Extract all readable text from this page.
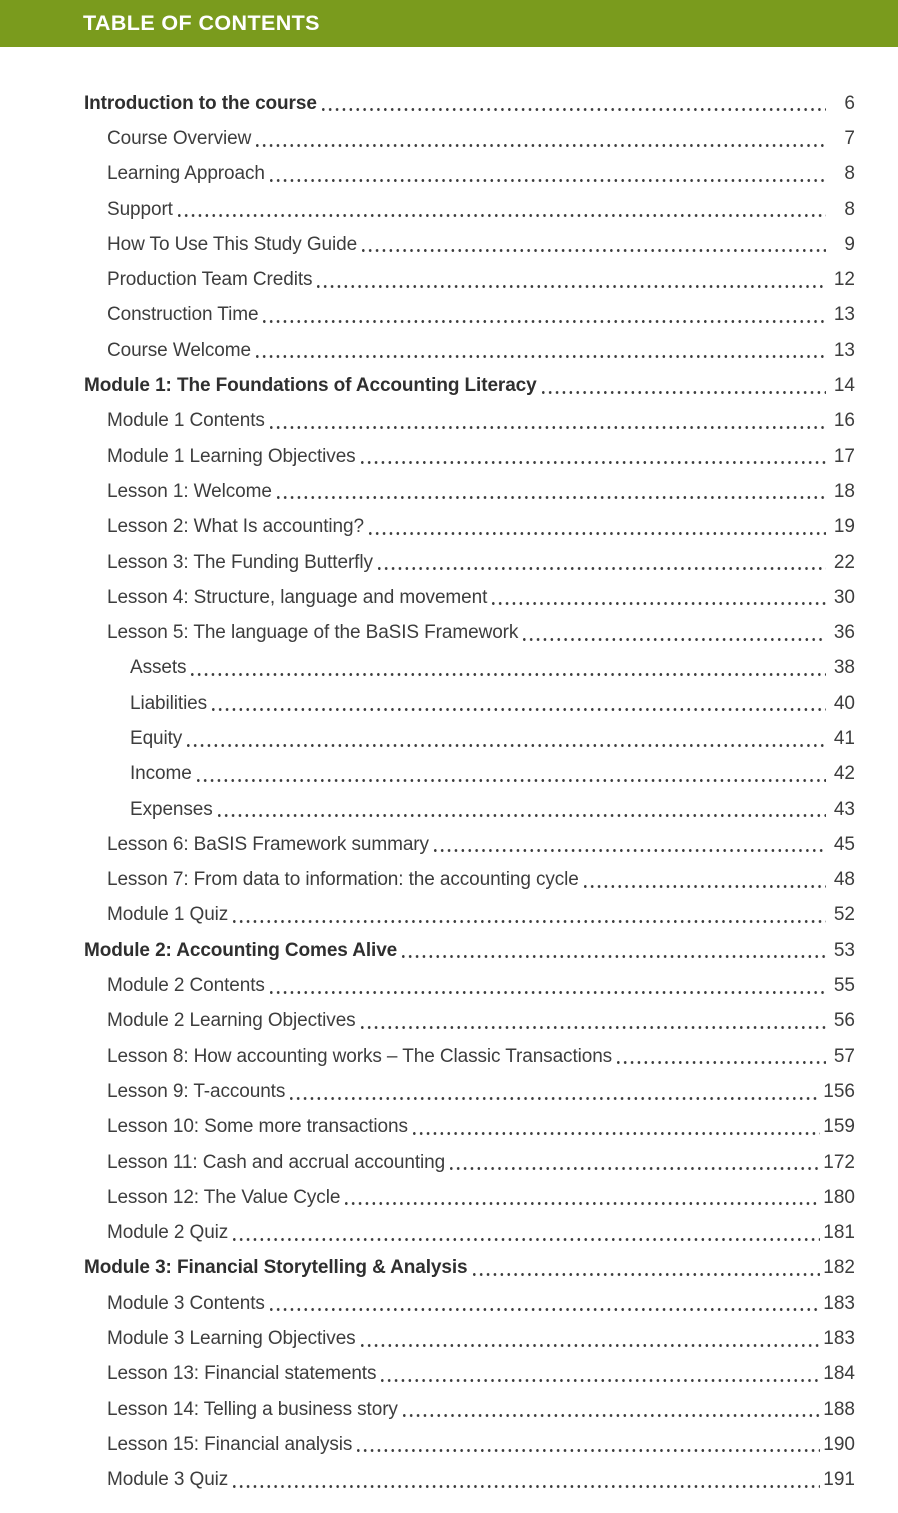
TABLE OF CONTENTS
Introduction to the course	6
Course Overview	7
Learning Approach	8
Support	8
How To Use This Study Guide	9
Production Team Credits	12
Construction Time	13
Course Welcome	13
Module 1: The Foundations of Accounting Literacy	14
Module 1 Contents	16
Module 1 Learning Objectives	17
Lesson 1: Welcome	18
Lesson 2: What Is accounting?	19
Lesson 3: The Funding Butterfly	22
Lesson 4: Structure, language and movement	30
Lesson 5: The language of the BaSIS Framework	36
Assets	38
Liabilities	40
Equity	41
Income	42
Expenses	43
Lesson 6: BaSIS Framework summary	45
Lesson 7: From data to information: the accounting cycle	48
Module 1 Quiz	52
Module 2: Accounting Comes Alive	53
Module 2 Contents	55
Module 2 Learning Objectives	56
Lesson 8: How accounting works – The Classic Transactions	57
Lesson 9: T-accounts	156
Lesson 10: Some more transactions	159
Lesson 11: Cash and accrual accounting	172
Lesson 12: The Value Cycle	180
Module 2 Quiz	181
Module 3: Financial Storytelling & Analysis	182
Module 3 Contents	183
Module 3 Learning Objectives	183
Lesson 13: Financial statements	184
Lesson 14: Telling a business story	188
Lesson 15: Financial analysis	190
Module 3 Quiz	191
